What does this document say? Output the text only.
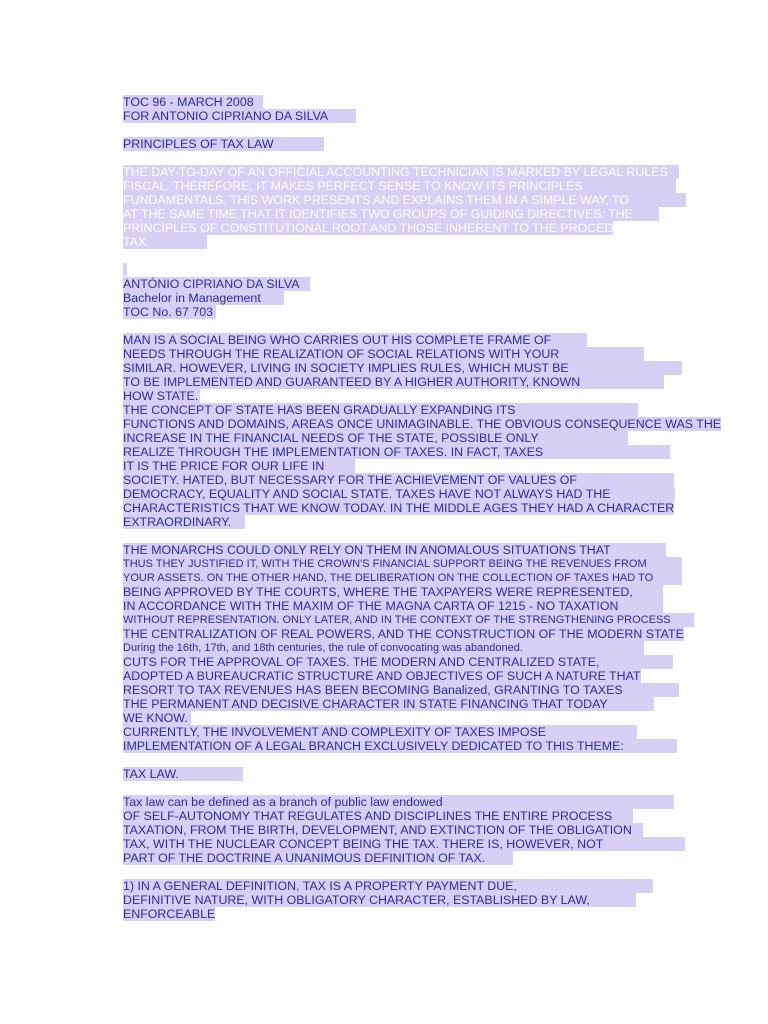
TOC 96 - MARCH 2008
FOR ANTONIO CIPRIANO DA SILVA
PRINCIPLES OF TAX LAW
THE DAY-TO-DAY OF AN OFFICIAL ACCOUNTING TECHNICIAN IS MARKED BY LEGAL RULES
FISCAL. THEREFORE, IT MAKES PERFECT SENSE TO KNOW ITS PRINCIPLES
FUNDAMENTALS. THIS WORK PRESENTS AND EXPLAINS THEM IN A SIMPLE WAY, TO
AT THE SAME TIME THAT IT IDENTIFIES TWO GROUPS OF GUIDING DIRECTIVES: THE
PRINCIPLES OF CONSTITUTIONAL ROOT AND THOSE INHERENT TO THE PROCED
TAX.
ANTÓNIO CIPRIANO DA SILVA
Bachelor in Management
TOC No. 67 703
MAN IS A SOCIAL BEING WHO CARRIES OUT HIS COMPLETE FRAME OF
NEEDS THROUGH THE REALIZATION OF SOCIAL RELATIONS WITH YOUR
SIMILAR. HOWEVER, LIVING IN SOCIETY IMPLIES RULES, WHICH MUST BE
TO BE IMPLEMENTED AND GUARANTEED BY A HIGHER AUTHORITY, KNOWN
HOW STATE.
THE CONCEPT OF STATE HAS BEEN GRADUALLY EXPANDING ITS
FUNCTIONS AND DOMAINS, AREAS ONCE UNIMAGINABLE. THE OBVIOUS CONSEQUENCE WAS THE
INCREASE IN THE FINANCIAL NEEDS OF THE STATE, POSSIBLE ONLY
REALIZE THROUGH THE IMPLEMENTATION OF TAXES. IN FACT, TAXES
IT IS THE PRICE FOR OUR LIFE IN
SOCIETY. HATED, BUT NECESSARY FOR THE ACHIEVEMENT OF VALUES OF
DEMOCRACY, EQUALITY AND SOCIAL STATE. TAXES HAVE NOT ALWAYS HAD THE
CHARACTERISTICS THAT WE KNOW TODAY. IN THE MIDDLE AGES THEY HAD A CHARACTER
EXTRAORDINARY.
THE MONARCHS COULD ONLY RELY ON THEM IN ANOMALOUS SITUATIONS THAT
THUS THEY JUSTIFIED IT, WITH THE CROWN'S FINANCIAL SUPPORT BEING THE REVENUES FROM
YOUR ASSETS. ON THE OTHER HAND, THE DELIBERATION ON THE COLLECTION OF TAXES HAD TO
BEING APPROVED BY THE COURTS, WHERE THE TAXPAYERS WERE REPRESENTED,
IN ACCORDANCE WITH THE MAXIM OF THE MAGNA CARTA OF 1215 - NO TAXATION
WITHOUT REPRESENTATION. ONLY LATER, AND IN THE CONTEXT OF THE STRENGTHENING PROCESS
THE CENTRALIZATION OF REAL POWERS, AND THE CONSTRUCTION OF THE MODERN STATE
During the 16th, 17th, and 18th centuries, the rule of convocating was abandoned.
CUTS FOR THE APPROVAL OF TAXES. THE MODERN AND CENTRALIZED STATE,
ADOPTED A BUREAUCRATIC STRUCTURE AND OBJECTIVES OF SUCH A NATURE THAT
RESORT TO TAX REVENUES HAS BEEN BECOMING Banalized, GRANTING TO TAXES
THE PERMANENT AND DECISIVE CHARACTER IN STATE FINANCING THAT TODAY
WE KNOW.
CURRENTLY, THE INVOLVEMENT AND COMPLEXITY OF TAXES IMPOSE
IMPLEMENTATION OF A LEGAL BRANCH EXCLUSIVELY DEDICATED TO THIS THEME:
TAX LAW.
Tax law can be defined as a branch of public law endowed
OF SELF-AUTONOMY THAT REGULATES AND DISCIPLINES THE ENTIRE PROCESS
TAXATION, FROM THE BIRTH, DEVELOPMENT, AND EXTINCTION OF THE OBLIGATION
TAX, WITH THE NUCLEAR CONCEPT BEING THE TAX. THERE IS, HOWEVER, NOT
PART OF THE DOCTRINE A UNANIMOUS DEFINITION OF TAX.
1) IN A GENERAL DEFINITION, TAX IS A PROPERTY PAYMENT DUE,
DEFINITIVE NATURE, WITH OBLIGATORY CHARACTER, ESTABLISHED BY LAW,
ENFORCEABLE
